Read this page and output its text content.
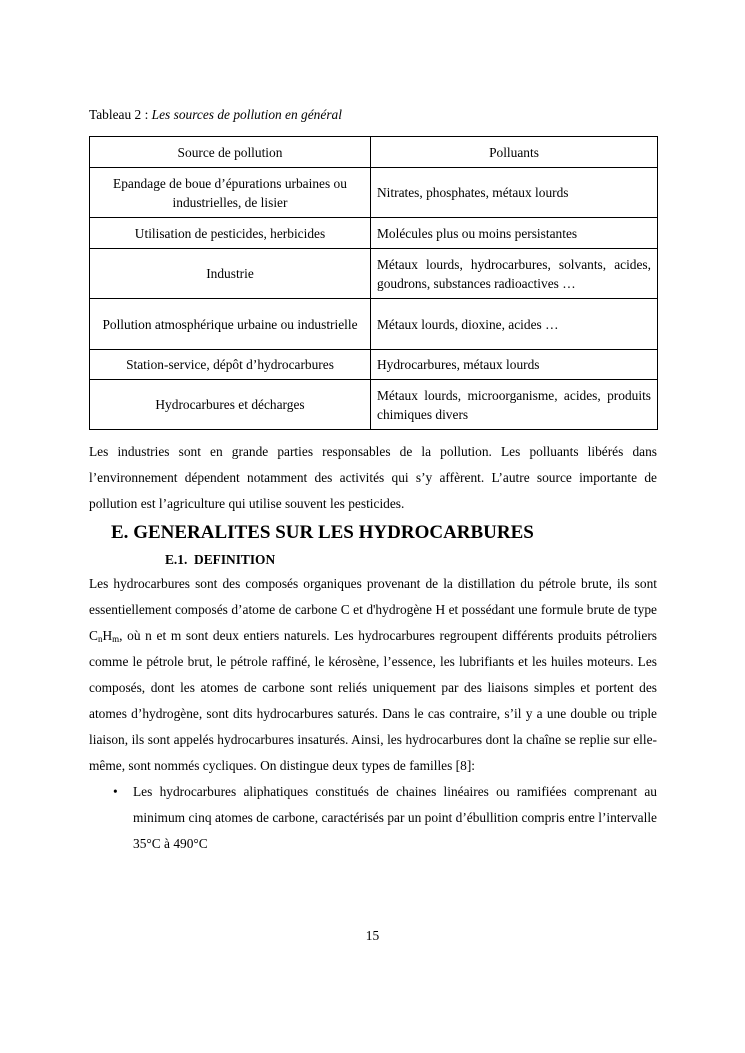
Tableau 2 : Les sources de pollution en général
Source de pollution	Polluants
Epandage de boue d’épurations urbaines ou industrielles, de lisier	Nitrates, phosphates, métaux lourds
Utilisation de pesticides, herbicides	Molécules plus ou moins persistantes
Industrie	Métaux lourds, hydrocarbures, solvants, acides, goudrons, substances radioactives …
Pollution atmosphérique urbaine ou industrielle	Métaux lourds, dioxine, acides …
Station-service, dépôt d’hydrocarbures	Hydrocarbures, métaux lourds
Hydrocarbures et décharges	Métaux lourds, microorganisme, acides, produits chimiques divers

Les industries sont en grande parties responsables de la pollution. Les polluants libérés dans l’environnement dépendent notamment des activités qui s’y affèrent. L’autre source importante de pollution est l’agriculture qui utilise souvent les pesticides.

E. GENERALITES SUR LES HYDROCARBURES
E.1. DEFINITION

Les hydrocarbures sont des composés organiques provenant de la distillation du pétrole brute, ils sont essentiellement composés d’atome de carbone C et d'hydrogène H et possédant une formule brute de type $C_nH_m$, où n et m sont deux entiers naturels. Les hydrocarbures regroupent différents produits pétroliers comme le pétrole brut, le pétrole raffiné, le kérosène, l’essence, les lubrifiants et les huiles moteurs. Les composés, dont les atomes de carbone sont reliés uniquement par des liaisons simples et portent des atomes d’hydrogène, sont dits hydrocarbures saturés. Dans le cas contraire, s’il y a une double ou triple liaison, ils sont appelés hydrocarbures insaturés. Ainsi, les hydrocarbures dont la chaîne se replie sur elle-même, sont nommés cycliques. On distingue deux types de familles [8]:

• Les hydrocarbures aliphatiques constitués de chaines linéaires ou ramifiées comprenant au minimum cinq atomes de carbone, caractérisés par un point d’ébullition compris entre l’intervalle 35°C à 490°C
15
